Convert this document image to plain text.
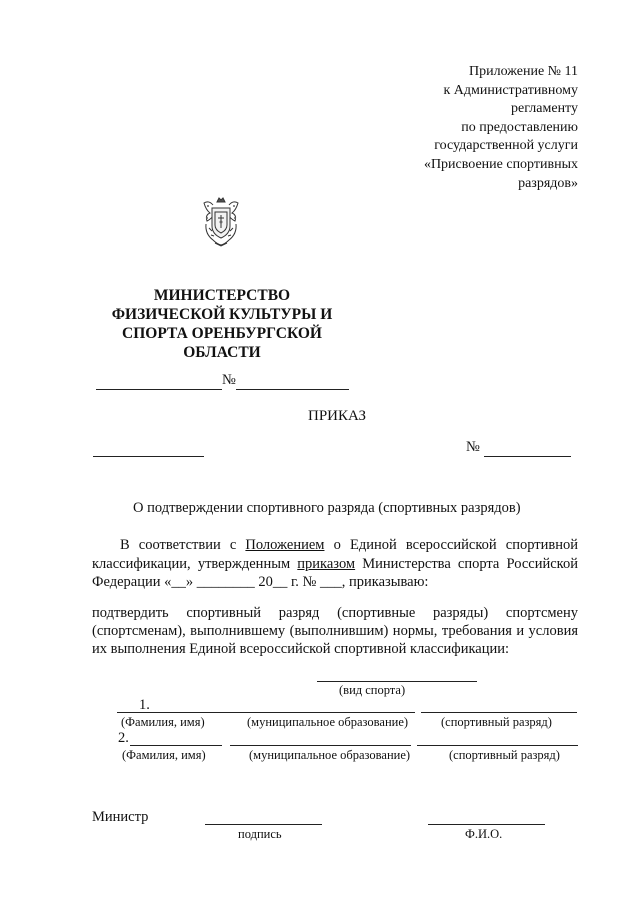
Приложение № 11
к Административному
регламенту
по предоставлению
государственной услуги
«Присвоение спортивных
разрядов»
МИНИСТЕРСТВО
ФИЗИЧЕСКОЙ КУЛЬТУРЫ И
СПОРТА ОРЕНБУРГСКОЙ
ОБЛАСТИ
№
ПРИКАЗ
№
О подтверждении спортивного разряда (спортивных разрядов)
В соответствии с Положением о Единой всероссийской спортивной
классификации, утвержденным приказом Министерства спорта Российской
Федерации «__» ________ 20__ г. № ___, приказываю:
подтвердить спортивный разряд (спортивные разряды) спортсмену
(спортсменам), выполнившему (выполнившим) нормы, требования и условия
их выполнения Единой всероссийской спортивной классификации:
(вид спорта)
1.
(Фамилия, имя)	(муниципальное образование)	(спортивный разряд)
2.
(Фамилия, имя)	(муниципальное образование)	(спортивный разряд)
Министр
подпись	Ф.И.О.
